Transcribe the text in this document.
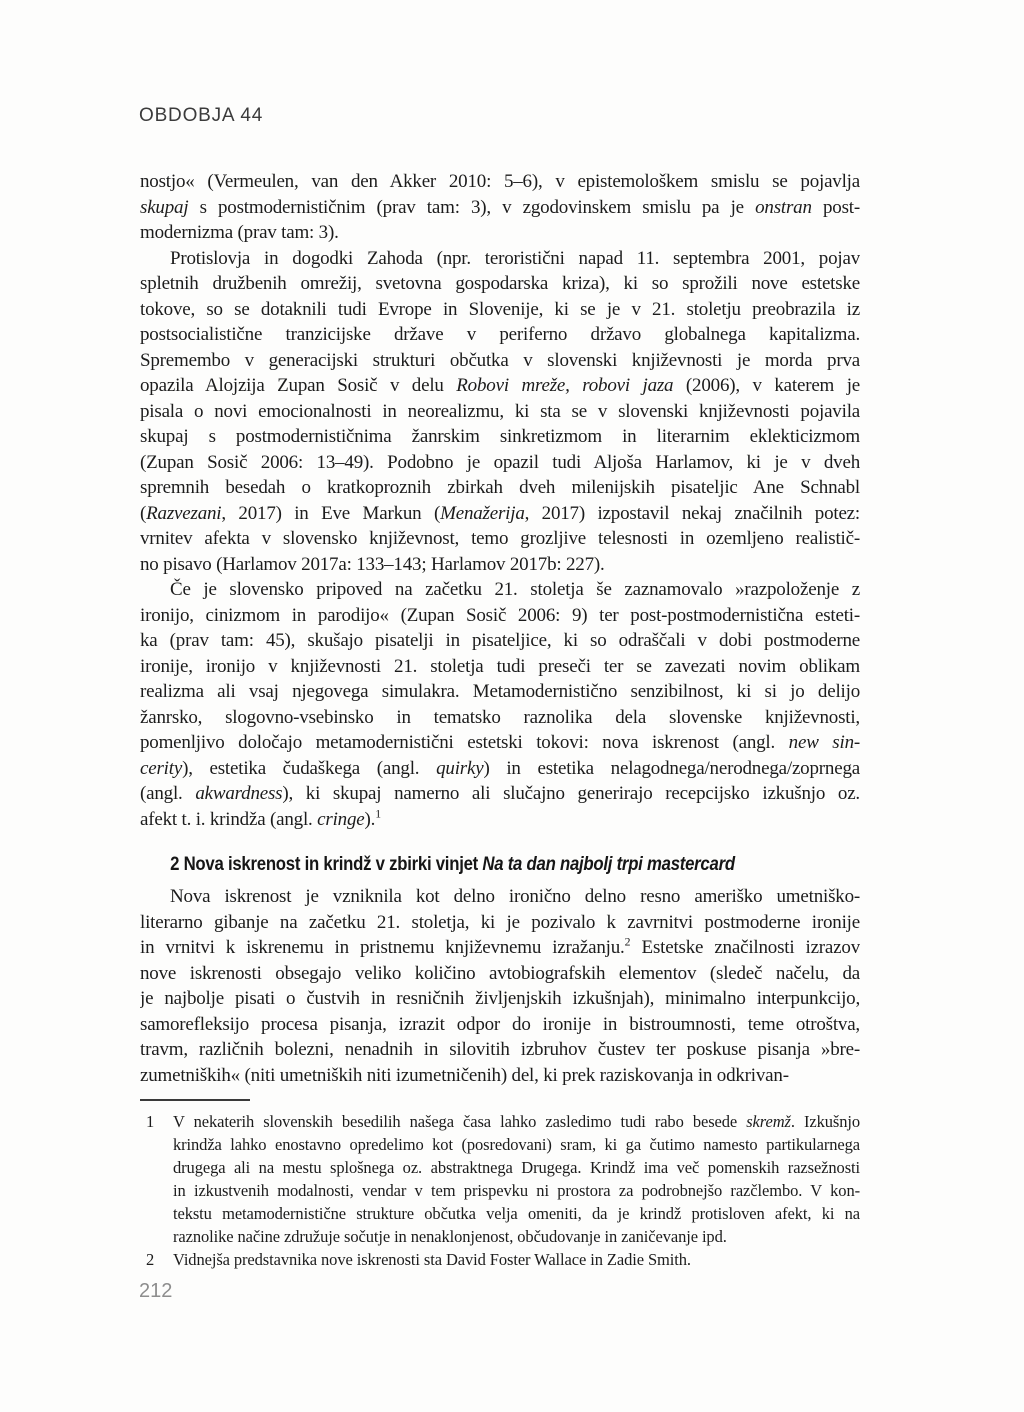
OBDOBJA 44
nostjo« (Vermeulen, van den Akker 2010: 5–6), v epistemološkem smislu se pojavlja
skupaj s postmodernističnim (prav tam: 3), v zgodovinskem smislu pa je onstran post-
modernizma (prav tam: 3).
Protislovja in dogodki Zahoda (npr. teroristični napad 11. septembra 2001, pojav
spletnih družbenih omrežij, svetovna gospodarska kriza), ki so sprožili nove estetske
tokove, so se dotaknili tudi Evrope in Slovenije, ki se je v 21. stoletju preobrazila iz
postsocialistične tranzicijske države v periferno državo globalnega kapitalizma.
Spremembo v generacijski strukturi občutka v slovenski književnosti je morda prva
opazila Alojzija Zupan Sosič v delu Robovi mreže, robovi jaza (2006), v katerem je
pisala o novi emocionalnosti in neorealizmu, ki sta se v slovenski književnosti pojavila
skupaj s postmodernističnima žanrskim sinkretizmom in literarnim eklekticizmom
(Zupan Sosič 2006: 13–49). Podobno je opazil tudi Aljoša Harlamov, ki je v dveh
spremnih besedah o kratkoproznih zbirkah dveh milenijskih pisateljic Ane Schnabl
(Razvezani, 2017) in Eve Markun (Menažerija, 2017) izpostavil nekaj značilnih potez:
vrnitev afekta v slovensko književnost, temo grozljive telesnosti in ozemljeno realistič-
no pisavo (Harlamov 2017a: 133–143; Harlamov 2017b: 227).
Če je slovensko pripoved na začetku 21. stoletja še zaznamovalo »razpoloženje z
ironijo, cinizmom in parodijo« (Zupan Sosič 2006: 9) ter post-postmodernistična esteti-
ka (prav tam: 45), skušajo pisatelji in pisateljice, ki so odraščali v dobi postmoderne
ironije, ironijo v književnosti 21. stoletja tudi preseči ter se zavezati novim oblikam
realizma ali vsaj njegovega simulakra. Metamodernistično senzibilnost, ki si jo delijo
žanrsko, slogovno-vsebinsko in tematsko raznolika dela slovenske književnosti,
pomenljivo določajo metamodernistični estetski tokovi: nova iskrenost (angl. new sin-
cerity), estetika čudaškega (angl. quirky) in estetika nelagodnega/nerodnega/zoprnega
(angl. akwardness), ki skupaj namerno ali slučajno generirajo recepcijsko izkušnjo oz.
afekt t. i. krindža (angl. cringe).$^1$
2 Nova iskrenost in krindž v zbirki vinjet Na ta dan najbolj trpi mastercard
Nova iskrenost je vzniknila kot delno ironično delno resno ameriško umetniško-
literarno gibanje na začetku 21. stoletja, ki je pozivalo k zavrnitvi postmoderne ironije
in vrnitvi k iskrenemu in pristnemu književnemu izražanju.$^2$ Estetske značilnosti izrazov
nove iskrenosti obsegajo veliko količino avtobiografskih elementov (sledeč načelu, da
je najbolje pisati o čustvih in resničnih življenjskih izkušnjah), minimalno interpunkcijo,
samorefleksijo procesa pisanja, izrazit odpor do ironije in bistroumnosti, teme otroštva,
travm, različnih bolezni, nenadnih in silovitih izbruhov čustev ter poskuse pisanja »bre-
zumetniških« (niti umetniških niti izumetničenih) del, ki prek raziskovanja in odkrivan-
1	V nekaterih slovenskih besedilih našega časa lahko zasledimo tudi rabo besede skremž. Izkušnjo
krindža lahko enostavno opredelimo kot (posredovani) sram, ki ga čutimo namesto partikularnega
drugega ali na mestu splošnega oz. abstraktnega Drugega. Krindž ima več pomenskih razsežnosti
in izkustvenih modalnosti, vendar v tem prispevku ni prostora za podrobnejšo razčlembo. V kon-
tekstu metamodernistične strukture občutka velja omeniti, da je krindž protisloven afekt, ki na
raznolike načine združuje sočutje in nenaklonjenost, občudovanje in zaničevanje ipd.
2	Vidnejša predstavnika nove iskrenosti sta David Foster Wallace in Zadie Smith.
212
